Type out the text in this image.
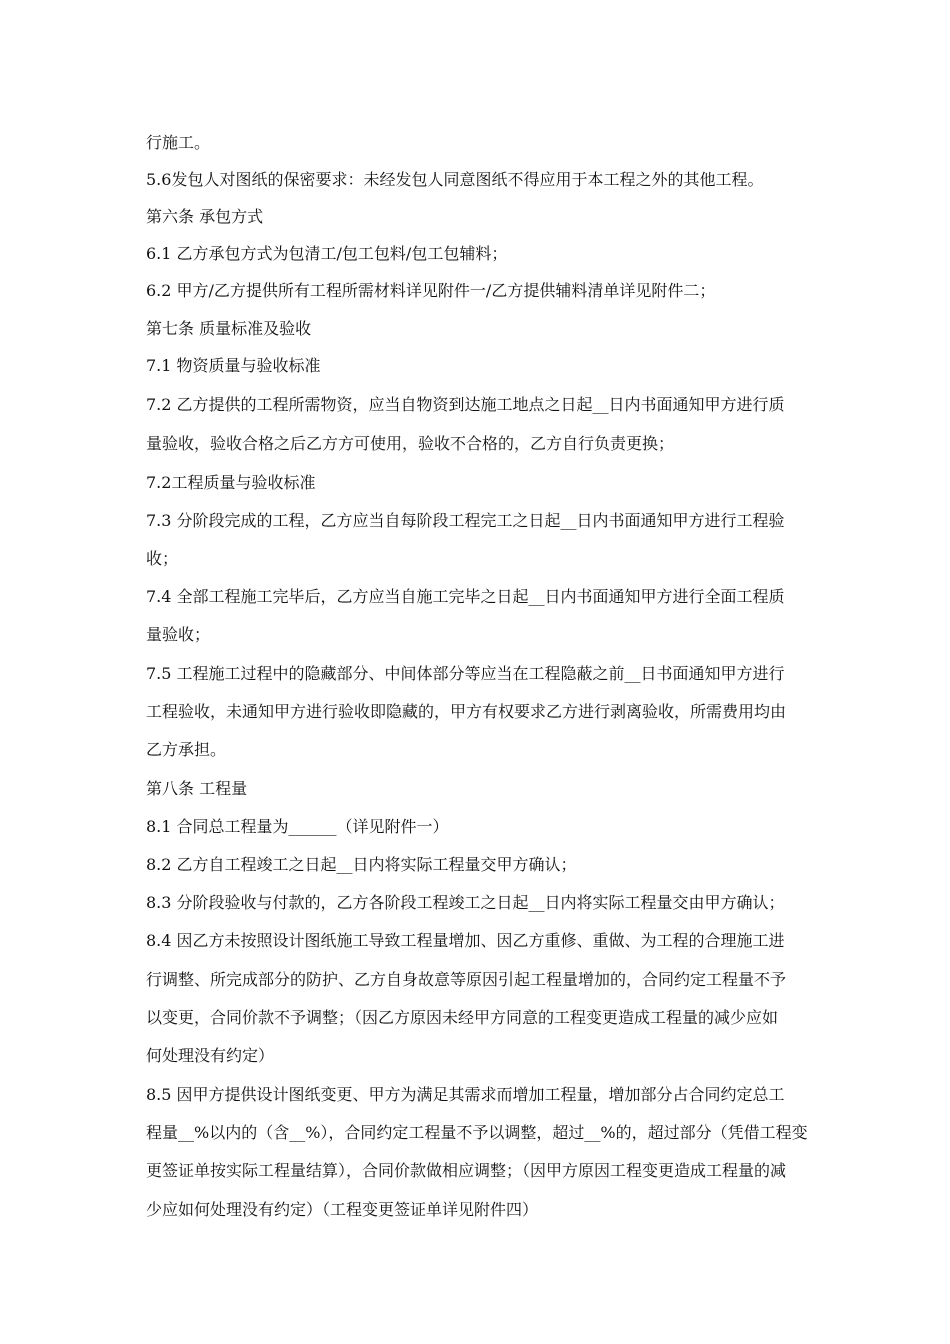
行施工。
5.6发包人对图纸的保密要求：未经发包人同意图纸不得应用于本工程之外的其他工程。
第六条 承包方式
6.1 乙方承包方式为包清工/包工包料/包工包辅料；
6.2 甲方/乙方提供所有工程所需材料详见附件一/乙方提供辅料清单详见附件二；
第七条 质量标准及验收
7.1 物资质量与验收标准
7.2 乙方提供的工程所需物资，应当自物资到达施工地点之日起__日内书面通知甲方进行质
量验收，验收合格之后乙方方可使用，验收不合格的，乙方自行负责更换；
7.2工程质量与验收标准
7.3 分阶段完成的工程，乙方应当自每阶段工程完工之日起__日内书面通知甲方进行工程验
收；
7.4 全部工程施工完毕后，乙方应当自施工完毕之日起__日内书面通知甲方进行全面工程质
量验收；
7.5 工程施工过程中的隐藏部分、中间体部分等应当在工程隐蔽之前__日书面通知甲方进行
工程验收，未通知甲方进行验收即隐藏的，甲方有权要求乙方进行剥离验收，所需费用均由
乙方承担。
第八条 工程量
8.1 合同总工程量为______（详见附件一）
8.2 乙方自工程竣工之日起__日内将实际工程量交甲方确认；
8.3 分阶段验收与付款的，乙方各阶段工程竣工之日起__日内将实际工程量交由甲方确认；
8.4 因乙方未按照设计图纸施工导致工程量增加、因乙方重修、重做、为工程的合理施工进
行调整、所完成部分的防护、乙方自身故意等原因引起工程量增加的，合同约定工程量不予
以变更，合同价款不予调整；（因乙方原因未经甲方同意的工程变更造成工程量的减少应如
何处理没有约定）
8.5 因甲方提供设计图纸变更、甲方为满足其需求而增加工程量，增加部分占合同约定总工
程量__%以内的（含__%），合同约定工程量不予以调整，超过__%的，超过部分（凭借工程变
更签证单按实际工程量结算），合同价款做相应调整；（因甲方原因工程变更造成工程量的减
少应如何处理没有约定）（工程变更签证单详见附件四）
